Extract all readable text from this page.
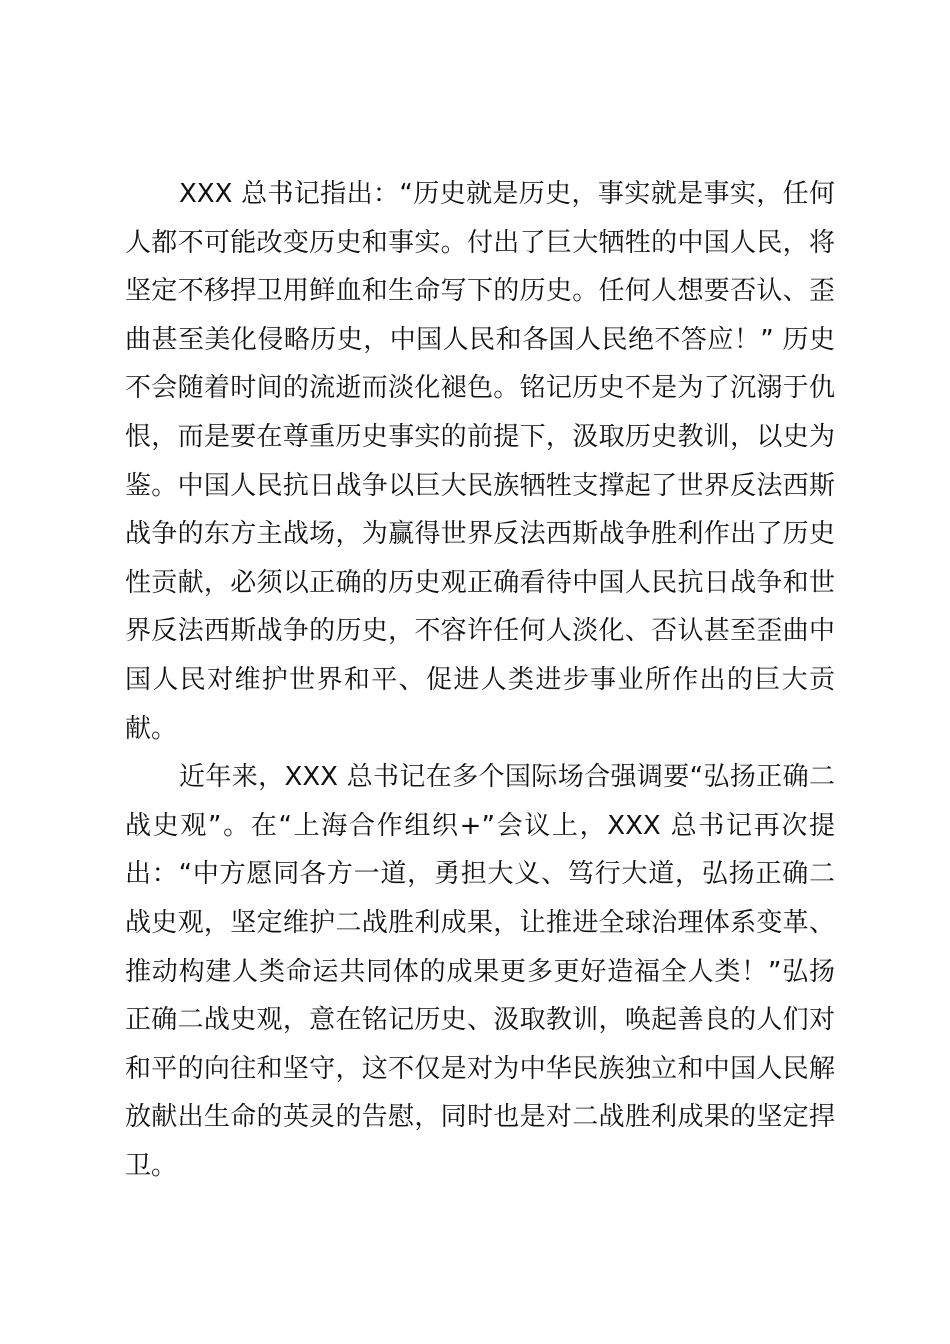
XXX 总书记指出：“历史就是历史，事实就是事实，任何
人都不可能改变历史和事实。付出了巨大牺牲的中国人民，将
坚定不移捍卫用鲜血和生命写下的历史。任何人想要否认、歪
曲甚至美化侵略历史，中国人民和各国人民绝不答应！” 历史
不会随着时间的流逝而淡化褪色。铭记历史不是为了沉溺于仇
恨，而是要在尊重历史事实的前提下，汲取历史教训，以史为
鉴。中国人民抗日战争以巨大民族牺牲支撑起了世界反法西斯
战争的东方主战场，为赢得世界反法西斯战争胜利作出了历史
性贡献，必须以正确的历史观正确看待中国人民抗日战争和世
界反法西斯战争的历史，不容许任何人淡化、否认甚至歪曲中
国人民对维护世界和平、促进人类进步事业所作出的巨大贡
献。
近年来，XXX 总书记在多个国际场合强调要“弘扬正确二
战史观”。在“上海合作组织+”会议上，XXX 总书记再次提
出：“中方愿同各方一道，勇担大义、笃行大道，弘扬正确二
战史观，坚定维护二战胜利成果，让推进全球治理体系变革、
推动构建人类命运共同体的成果更多更好造福全人类！”弘扬
正确二战史观，意在铭记历史、汲取教训，唤起善良的人们对
和平的向往和坚守，这不仅是对为中华民族独立和中国人民解
放献出生命的英灵的告慰，同时也是对二战胜利成果的坚定捍
卫。
